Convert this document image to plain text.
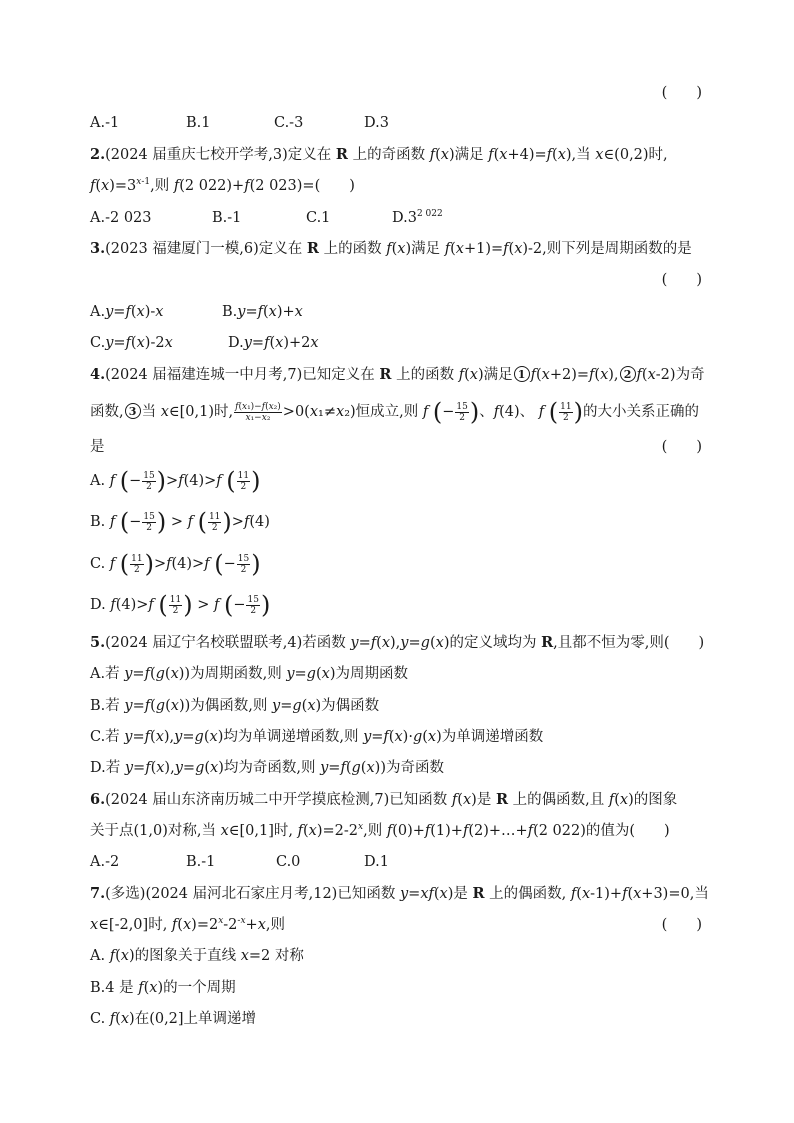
(　　)
A.-1	B.1	C.-3	D.3
2.(2024 届重庆七校开学考,3)定义在 R 上的奇函数 f(x)满足 f(x+4)=f(x),当 x∈(0,2)时,
$f(x)=3^{x-1}$,则 f(2 022)+f(2 023)=(　　)
A.-2 023	B.-1	C.1	$D.3^{2 022}$
3.(2023 福建厦门一模,6)定义在 R 上的函数 f(x)满足 f(x+1)=f(x)-2,则下列是周期函数的是
(　　)
A.y=f(x)-x	B.y=f(x)+x
C.y=f(x)-2x	D.y=f(x)+2x
4.(2024 届福建连城一中月考,7)已知定义在 R 上的函数 f(x)满足 1 f(x+2)=f(x), 2 f(x-2)为奇
函数, 3 当 x∈[0,1)时, $\frac{\text{f(x₁)−f(x₂)}}{\text{x₁−x₂}} >0(x_1\ne x_2)$恒成立,则 f (− $\frac{15}{2}$ )、f(4)、 f ( $\frac{11}{2}$ )的大小关系正确的
是	(　　)
A. f (− $\frac{15}{2} )>f(4)>f$ ( $\frac{11}{2}$ )
B. f (− $\frac{15}{2}$ ) > f ( $\frac{11}{2} )>f(4)$
C. f ( $\frac{11}{2} )>f(4)>f$ (− $\frac{15}{2}$ )
D. f(4)>f ( $\frac{11}{2}$ ) > f (− $\frac{15}{2}$ )
5.(2024 届辽宁名校联盟联考,4)若函数 y=f(x),y=g(x)的定义域均为 R,且都不恒为零,则(　　)
A.若 y=f(g(x))为周期函数,则 y=g(x)为周期函数
B.若 y=f(g(x))为偶函数,则 y=g(x)为偶函数
C.若 y=f(x),y=g(x)均为单调递增函数,则 y=f(x)·g(x)为单调递增函数
D.若 y=f(x),y=g(x)均为奇函数,则 y=f(g(x))为奇函数
6.(2024 届山东济南历城二中开学摸底检测,7)已知函数 f(x)是 R 上的偶函数,且 f(x)的图象
关于点(1,0)对称,当 x∈[0,1]时, $f(x)=2-2^x$,则 f(0)+f(1)+f(2)+…+f(2 022)的值为(　　)
A.-2	B.-1	C.0	D.1
7.(多选)(2024 届河北石家庄月考,12)已知函数 y=xf(x)是 R 上的偶函数, f(x-1)+f(x+3)=0,当
x∈[-2,0]时, $f(x)=2^x-2^{-x}+x$,则	(　　)
A. f(x)的图象关于直线 x=2 对称
B.4 是 f(x)的一个周期
C. f(x)在(0,2]上单调递增
